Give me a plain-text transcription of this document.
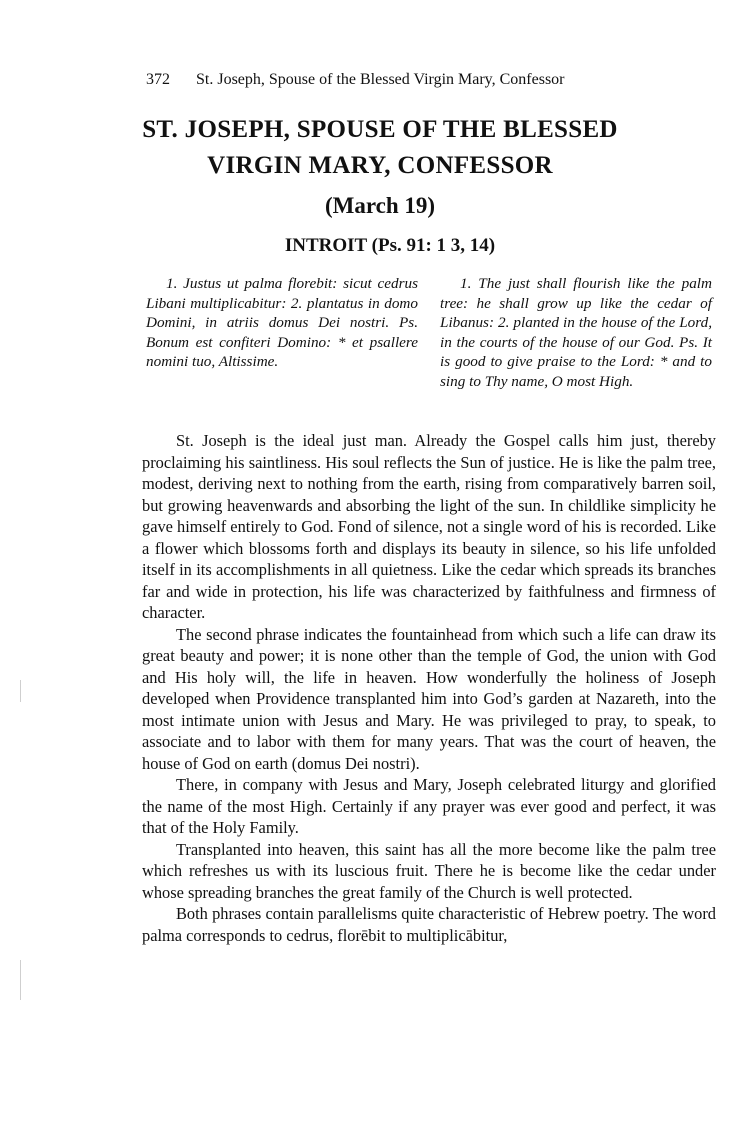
372 St. Joseph, Spouse of the Blessed Virgin Mary, Confessor
ST. JOSEPH, SPOUSE OF THE BLESSED
VIRGIN MARY, CONFESSOR
(March 19)
INTROIT (Ps. 91: 1 3, 14)

1. Justus ut palma florebit: sicut cedrus Libani multiplicabitur: 2. plantatus in domo Domini, in atriis domus Dei nostri. Ps. Bonum est confiteri Domino: * et psallere nomini tuo, Altissime.

1. The just shall flourish like the palm tree: he shall grow up like the cedar of Libanus: 2. planted in the house of the Lord, in the courts of the house of our God. Ps. It is good to give praise to the Lord: * and to sing to Thy name, O most High.

St. Joseph is the ideal just man. Already the Gospel calls him just, thereby proclaiming his saintliness. His soul reflects the Sun of justice. He is like the palm tree, modest, deriving next to nothing from the earth, rising from comparatively barren soil, but growing heavenwards and absorbing the light of the sun. In childlike simplicity he gave himself entirely to God. Fond of silence, not a single word of his is recorded. Like a flower which blossoms forth and displays its beauty in silence, so his life unfolded itself in its accomplishments in all quietness. Like the cedar which spreads its branches far and wide in protection, his life was characterized by faithfulness and firmness of character.

The second phrase indicates the fountainhead from which such a life can draw its great beauty and power; it is none other than the temple of God, the union with God and His holy will, the life in heaven. How wonderfully the holiness of Joseph developed when Providence transplanted him into God’s garden at Nazareth, into the most intimate union with Jesus and Mary. He was privileged to pray, to speak, to associate and to labor with them for many years. That was the court of heaven, the house of God on earth (domus Dei nostri).

There, in company with Jesus and Mary, Joseph celebrated liturgy and glorified the name of the most High. Certainly if any prayer was ever good and perfect, it was that of the Holy Family.

Transplanted into heaven, this saint has all the more become like the palm tree which refreshes us with its luscious fruit. There he is become like the cedar under whose spreading branches the great family of the Church is well protected.

Both phrases contain parallelisms quite characteristic of Hebrew poetry. The word palma corresponds to cedrus, florēbit to multiplicābitur,
